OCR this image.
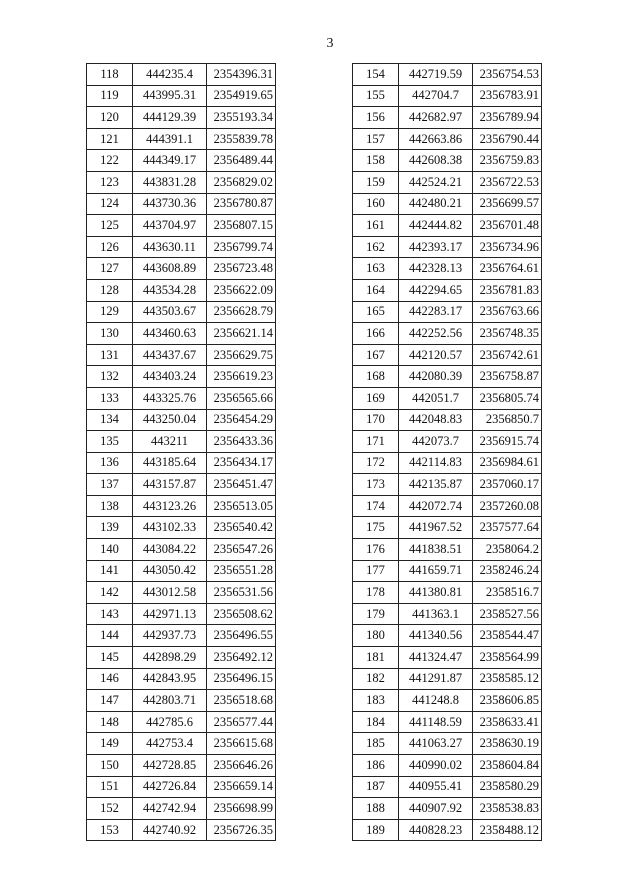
3
118	444235.4	2354396.31
119	443995.31	2354919.65
120	444129.39	2355193.34
121	444391.1	2355839.78
122	444349.17	2356489.44
123	443831.28	2356829.02
124	443730.36	2356780.87
125	443704.97	2356807.15
126	443630.11	2356799.74
127	443608.89	2356723.48
128	443534.28	2356622.09
129	443503.67	2356628.79
130	443460.63	2356621.14
131	443437.67	2356629.75
132	443403.24	2356619.23
133	443325.76	2356565.66
134	443250.04	2356454.29
135	443211	2356433.36
136	443185.64	2356434.17
137	443157.87	2356451.47
138	443123.26	2356513.05
139	443102.33	2356540.42
140	443084.22	2356547.26
141	443050.42	2356551.28
142	443012.58	2356531.56
143	442971.13	2356508.62
144	442937.73	2356496.55
145	442898.29	2356492.12
146	442843.95	2356496.15
147	442803.71	2356518.68
148	442785.6	2356577.44
149	442753.4	2356615.68
150	442728.85	2356646.26
151	442726.84	2356659.14
152	442742.94	2356698.99
153	442740.92	2356726.35
154	442719.59	2356754.53
155	442704.7	2356783.91
156	442682.97	2356789.94
157	442663.86	2356790.44
158	442608.38	2356759.83
159	442524.21	2356722.53
160	442480.21	2356699.57
161	442444.82	2356701.48
162	442393.17	2356734.96
163	442328.13	2356764.61
164	442294.65	2356781.83
165	442283.17	2356763.66
166	442252.56	2356748.35
167	442120.57	2356742.61
168	442080.39	2356758.87
169	442051.7	2356805.74
170	442048.83	2356850.7
171	442073.7	2356915.74
172	442114.83	2356984.61
173	442135.87	2357060.17
174	442072.74	2357260.08
175	441967.52	2357577.64
176	441838.51	2358064.2
177	441659.71	2358246.24
178	441380.81	2358516.7
179	441363.1	2358527.56
180	441340.56	2358544.47
181	441324.47	2358564.99
182	441291.87	2358585.12
183	441248.8	2358606.85
184	441148.59	2358633.41
185	441063.27	2358630.19
186	440990.02	2358604.84
187	440955.41	2358580.29
188	440907.92	2358538.83
189	440828.23	2358488.12
